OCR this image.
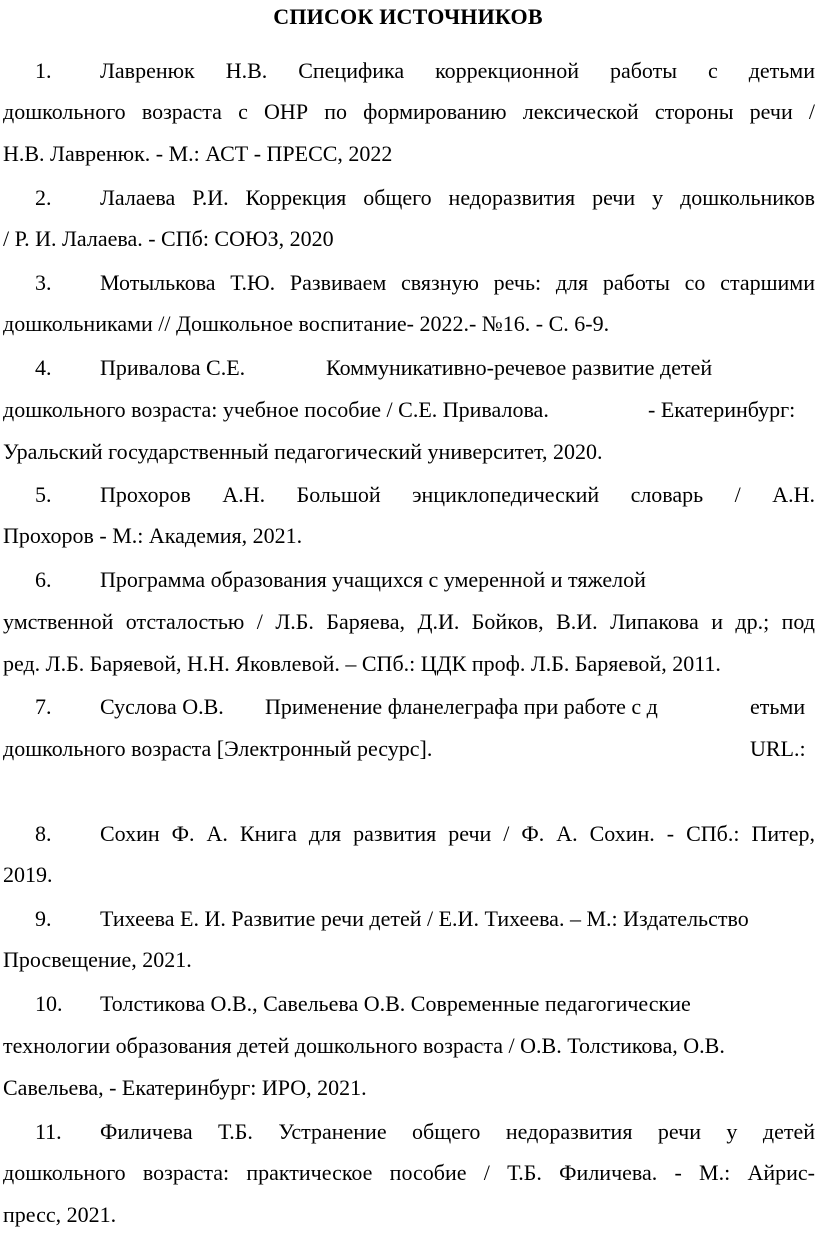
СПИСОК ИСТОЧНИКОВ
1. Лавренюк Н.В. Специфика коррекционной работы с детьми
дошкольного возраста с ОНР по формированию лексической стороны речи /
Н.В. Лавренюк. - М.: АСТ - ПРЕСС, 2022
2. Лалаева Р.И. Коррекция общего недоразвития речи у дошкольников
/ Р. И. Лалаева. - СПб: СОЮЗ, 2020
3. Мотылькова Т.Ю. Развиваем связную речь: для работы со старшими
дошкольниками // Дошкольное воспитание- 2022.- №16. - С. 6-9.
4. Привалова С.Е.	Коммуникативно-речевое развитие детей
дошкольного возраста: учебное пособие / С.Е. Привалова.	- Екатеринбург:
Уральский государственный педагогический университет, 2020.
5. Прохоров А.Н. Большой энциклопедический словарь / А.Н.
Прохоров - М.: Академия, 2021.
6. Программа образования учащихся с умеренной и тяжелой
умственной отсталостью / Л.Б. Баряева, Д.И. Бойков, В.И. Липакова и др.; под
ред. Л.Б. Баряевой, Н.Н. Яковлевой. – СПб.: ЦДК проф. Л.Б. Баряевой, 2011.
7. Суслова О.В. Применение фланелеграфа при работе с д	етьми
дошкольного возраста [Электронный ресурс].	URL.:
8. Сохин Ф. А. Книга для развития речи / Ф. А. Сохин. - СПб.: Питер,
2019.
9. Тихеева Е. И. Развитие речи детей / Е.И. Тихеева. – М.: Издательство
Просвещение, 2021.
10. Толстикова О.В., Савельева О.В. Современные педагогические
технологии образования детей дошкольного возраста / О.В. Толстикова, О.В.
Савельева, - Екатеринбург: ИРО, 2021.
11. Филичева Т.Б. Устранение общего недоразвития речи у детей
дошкольного возраста: практическое пособие / Т.Б. Филичева. - М.: Айрис-
пресс, 2021.
